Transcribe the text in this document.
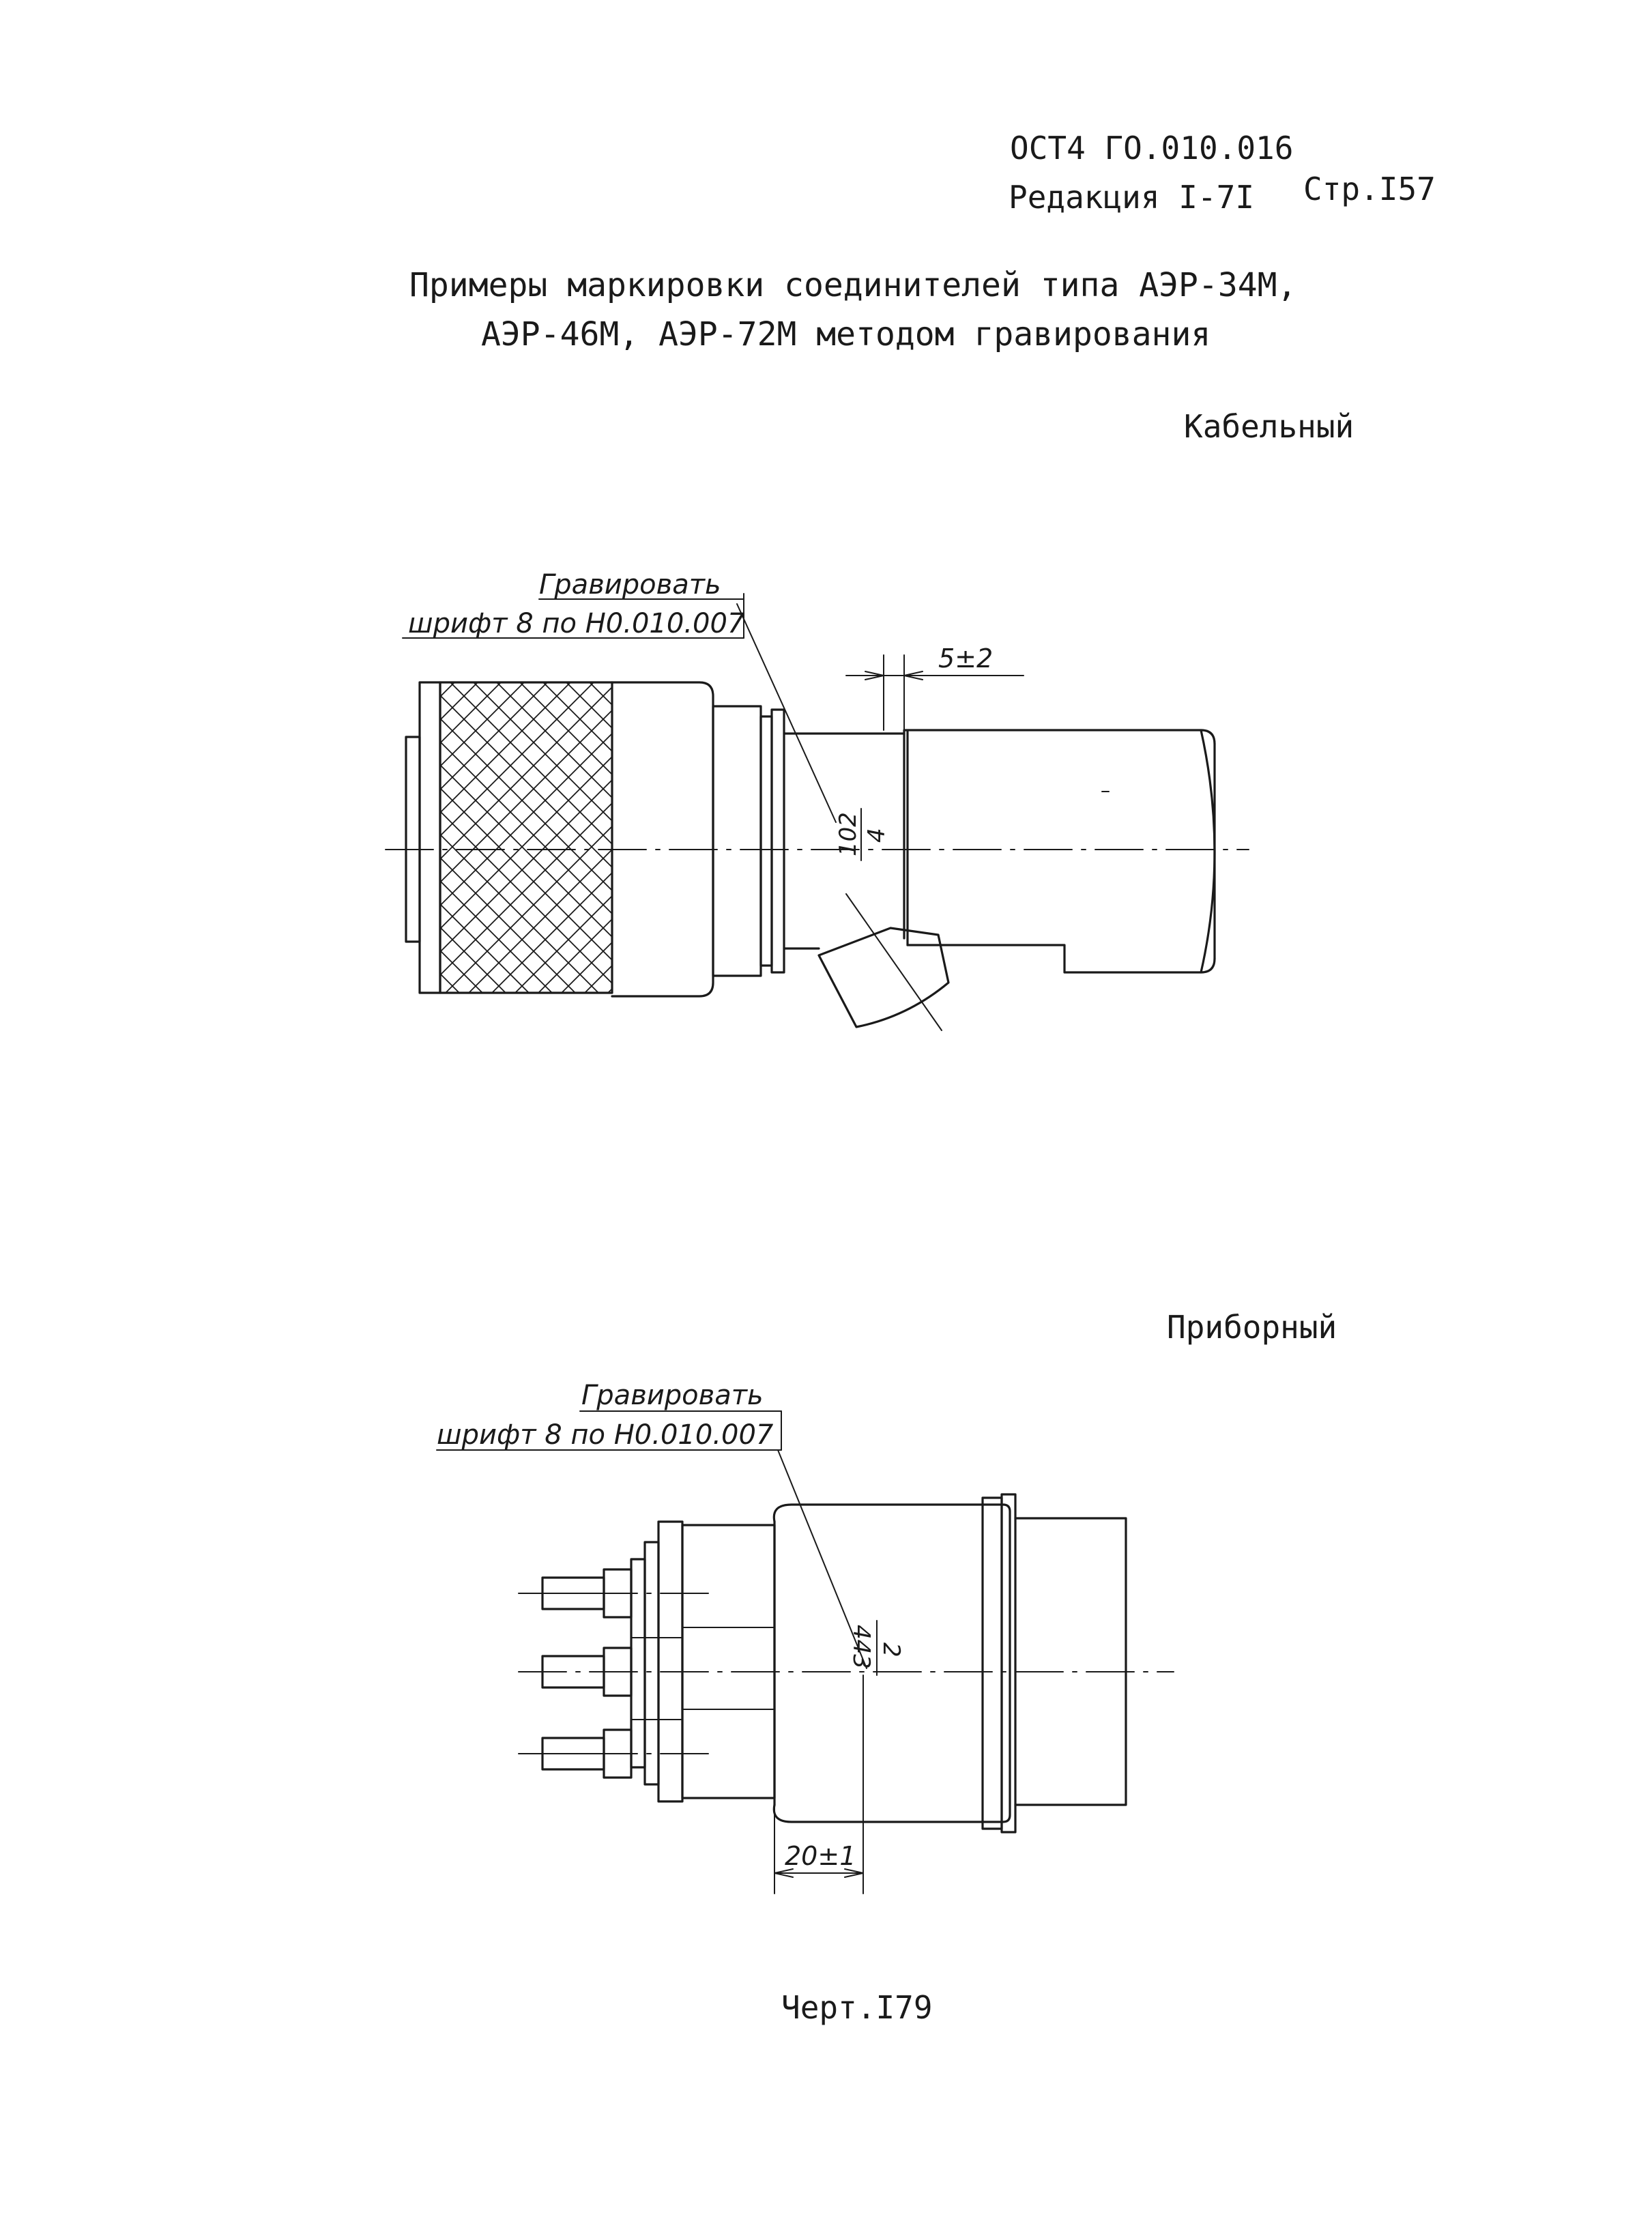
ОСТ4 ГО.010.016
Редакция I-7I Стр.I57
Примеры маркировки соединителей типа АЭР-34М,
АЭР-46М, АЭР-72М методом гравирования
Кабельный
Приборный
Черт.I79
Гравировать
шрифт 8 по Н0.010.007
5±2
102 4
Гравировать
шрифт 8 по Н0.010.007
2
443
20±1
